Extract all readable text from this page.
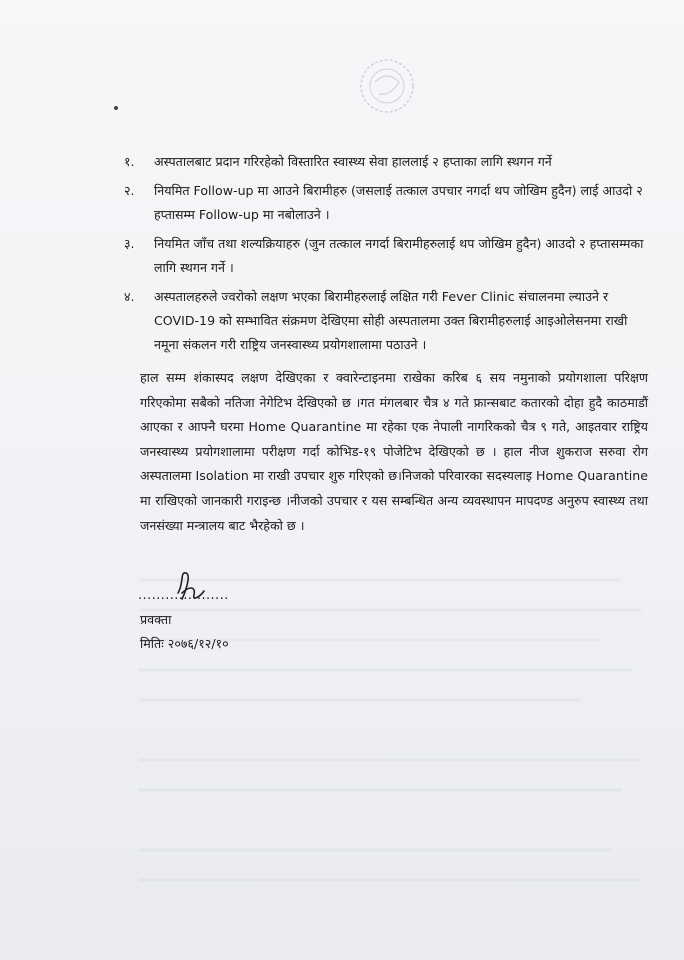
१. अस्पतालबाट प्रदान गरिरहेको विस्तारित स्वास्थ्य सेवा हाललाई २ हप्ताका लागि स्थगन गर्ने
२. नियमित Follow-up मा आउने बिरामीहरु (जसलाई तत्काल उपचार नगर्दा थप जोखिम हुदैन) लाई आउदो २ हप्तासम्म Follow-up मा नबोलाउने ।
३. नियमित जाँच तथा शल्यक्रियाहरु (जुन तत्काल नगर्दा बिरामीहरुलाई थप जोखिम हुदैन) आउदो २ हप्तासम्मका लागि स्थगन गर्ने ।
४. अस्पतालहरुले ज्वरोको लक्षण भएका बिरामीहरुलाई लक्षित गरी Fever Clinic संचालनमा ल्याउने र COVID-19 को सम्भावित संक्रमण देखिएमा सोही अस्पतालमा उक्त बिरामीहरुलाई आइओलेसनमा राखी नमूना संकलन गरी राष्ट्रिय जनस्वास्थ्य प्रयोगशालामा पठाउने ।
हाल सम्म शंकास्पद लक्षण देखिएका र क्वारेन्टाइनमा राखेका करिब ६ सय नमुनाको प्रयोगशाला परिक्षण गरिएकोमा सबैको नतिजा नेगेटिभ देखिएको छ ।गत मंगलबार चैत्र ४ गते फ्रान्सबाट कतारको दोहा हुदै काठमाडौं आएका र आफ्नै घरमा Home Quarantine मा रहेका एक नेपाली नागरिकको चैत्र ९ गते, आइतवार राष्ट्रिय जनस्वास्थ्य प्रयोगशालामा परीक्षण गर्दा कोभिड-१९ पोजेटिभ देखिएको छ । हाल नीज शुकराज सरुवा रोग अस्पतालमा Isolation मा राखी उपचार शुरु गरिएको छ।निजको परिवारका सदस्यलाइ Home Quarantine मा राखिएको जानकारी गराइन्छ ।नीजको उपचार र यस सम्बन्धित अन्य व्यवस्थापन मापदण्ड अनुरुप स्वास्थ्य तथा जनसंख्या मन्त्रालय बाट भैरहेको छ ।
....................
प्रवक्ता
मितिः २०७६/१२/१०
